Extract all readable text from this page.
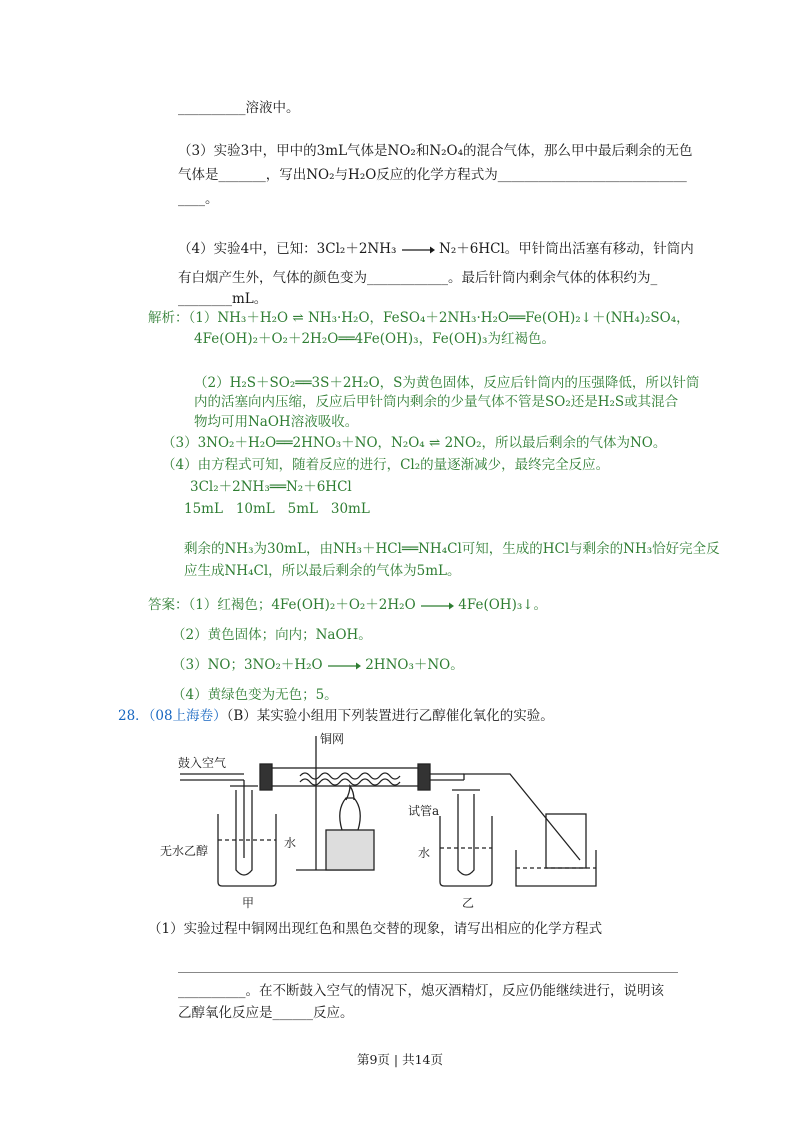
__________溶液中。
（3）实验3中，甲中的3mL气体是NO₂和N₂O₄的混合气体，那么甲中最后剩余的无色
气体是_______，写出NO₂与H₂O反应的化学方程式为____________________________
____。
（4）实验4中，已知：3Cl₂＋2NH₃ → N₂＋6HCl。甲针筒出活塞有移动，针筒内
有白烟产生外，气体的颜色变为____________。最后针筒内剩余气体的体积约为_
________mL。
解析：（1）NH₃＋H₂O ⇌ NH₃·H₂O，FeSO₄＋2NH₃·H₂O══Fe(OH)₂↓＋(NH₄)₂SO₄，
4Fe(OH)₂＋O₂＋2H₂O══4Fe(OH)₃，Fe(OH)₃为红褐色。
（2）H₂S＋SO₂══3S＋2H₂O，S为黄色固体，反应后针筒内的压强降低，所以针筒
内的活塞向内压缩，反应后甲针筒内剩余的少量气体不管是SO₂还是H₂S或其混合
物均可用NaOH溶液吸收。
（3）3NO₂＋H₂O══2HNO₃＋NO，N₂O₄ ⇌ 2NO₂，所以最后剩余的气体为NO。
（4）由方程式可知，随着反应的进行，Cl₂的量逐渐减少，最终完全反应。
3Cl₂＋2NH₃══N₂＋6HCl
15mL   10mL   5mL   30mL
剩余的NH₃为30mL，由NH₃＋HCl══NH₄Cl可知，生成的HCl与剩余的NH₃恰好完全反
应生成NH₄Cl，所以最后剩余的气体为5mL。
答案：（1）红褐色；4Fe(OH)₂＋O₂＋2H₂O → 4Fe(OH)₃↓。
（2）黄色固体；向内；NaOH。
（3）NO；3NO₂＋H₂O → 2HNO₃＋NO。
（4）黄绿色变为无色；5。
28．（08上海卷）（B）某实验小组用下列装置进行乙醇催化氧化的实验。
鼓入空气
铜网
无水乙醇
水
试管a
水
甲	乙
（1）实验过程中铜网出现红色和黑色交替的现象，请写出相应的化学方程式
__________。在不断鼓入空气的情况下，熄灭酒精灯，反应仍能继续进行，说明该
乙醇氧化反应是______反应。
第9页 | 共14页
